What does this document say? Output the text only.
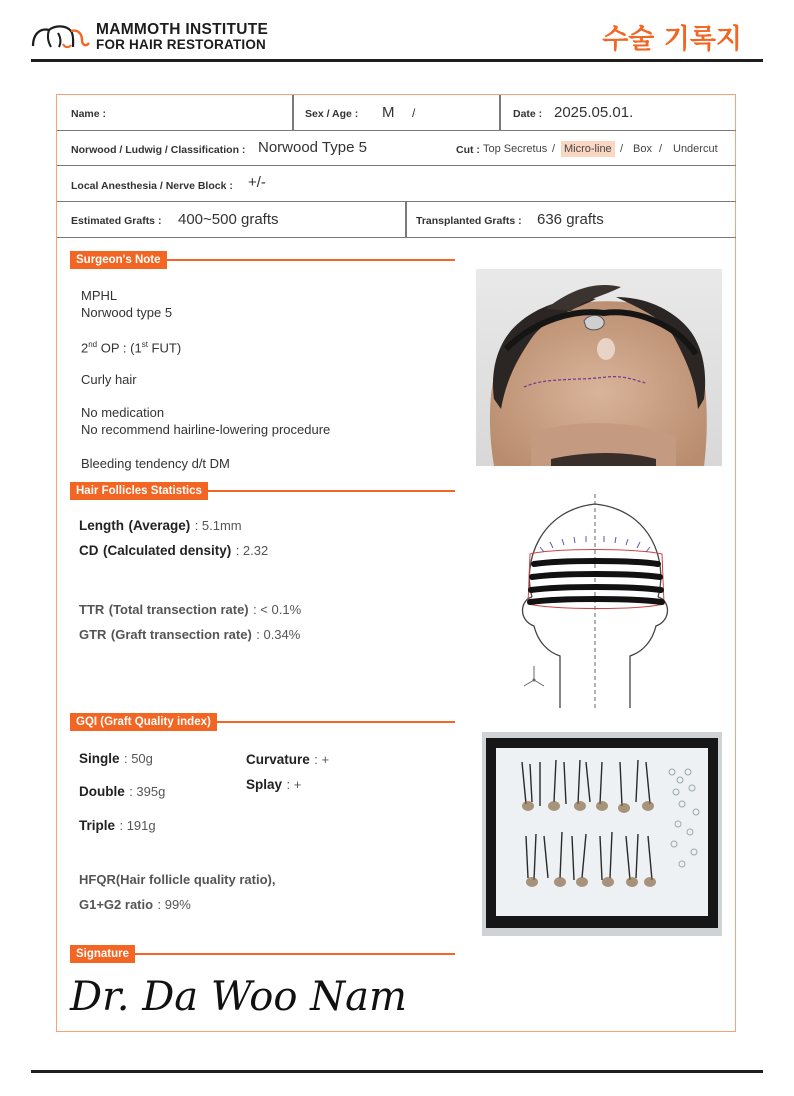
MAMMOTH INSTITUTE
FOR HAIR RESTORATION	수술 기록지
Name :	Sex / Age : M /	Date : 2025.05.01.
Norwood / Ludwig / Classification : Norwood Type 5	Cut : Top Secretus / Micro-line / Box / Undercut
Local Anesthesia / Nerve Block : +/-
Estimated Grafts : 400~500 grafts	Transplanted Grafts : 636 grafts
Surgeon's Note
MPHL
Norwood type 5
2nd OP : (1st FUT)
Curly hair
No medication
No recommend hairline-lowering procedure
Bleeding tendency d/t DM
Hair Follicles Statistics
Length (Average) : 5.1mm
CD (Calculated density) : 2.32
TTR (Total transection rate) : < 0.1%
GTR (Graft transection rate) : 0.34%
GQI (Graft Quality index)
Single : 50g
Double : 395g
Triple : 191g
Curvature : +
Splay : +
HFQR(Hair follicle quality ratio),
G1+G2 ratio : 99%
Signature
Dr. Da Woo Nam
